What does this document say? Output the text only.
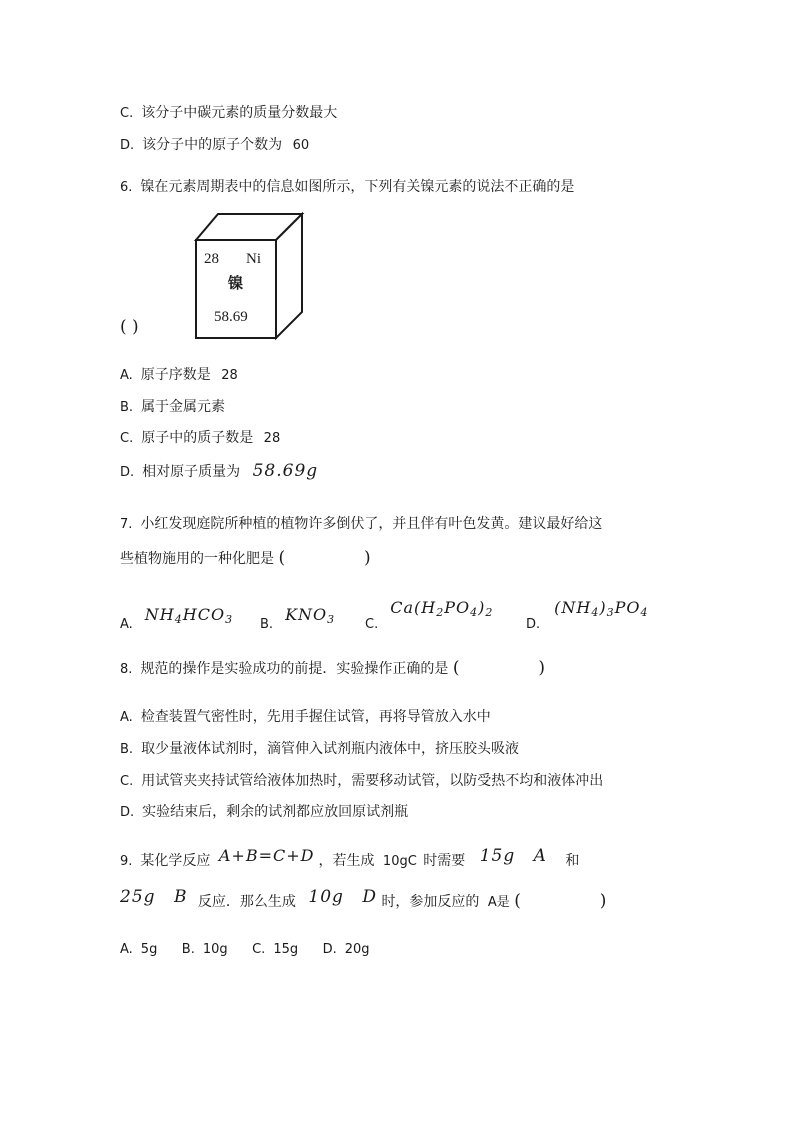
C. 该分子中碳元素的质量分数最大
D. 该分子中的原子个数为 60
6. 镍在元素周期表中的信息如图所示，下列有关镍元素的说法不正确的是
28 Ni
镍
58.69
( )
A. 原子序数是 28
B. 属于金属元素
C. 原子中的质子数是 28
D. 相对原子质量为 58.69g
7. 小红发现庭院所种植的植物许多倒伏了，并且伴有叶色发黄。建议最好给这
些植物施用的一种化肥是 (	)
$A.NH_4HCO_3$ $B.KNO_3$ $C.Ca(H_2PO_4)_2$
$D.(NH_4)_3PO_4$
8. 规范的操作是实验成功的前提．实验操作正确的是 (	)
A. 检查装置气密性时，先用手握住试管，再将导管放入水中
B. 取少量液体试剂时，滴管伸入试剂瓶内液体中，挤压胶头吸液
C. 用试管夹夹持试管给液体加热时，需要移动试管，以防受热不均和液体冲出
D. 实验结束后，剩余的试剂都应放回原试剂瓶
9. 某化学反应 A+B=C+D ，若生成 10gC 时需要 15g A 和
25g B 反应．那么生成 10g D 时，参加反应的 A是 (	)
A. 5g B. 10g C. 15g D. 20g
